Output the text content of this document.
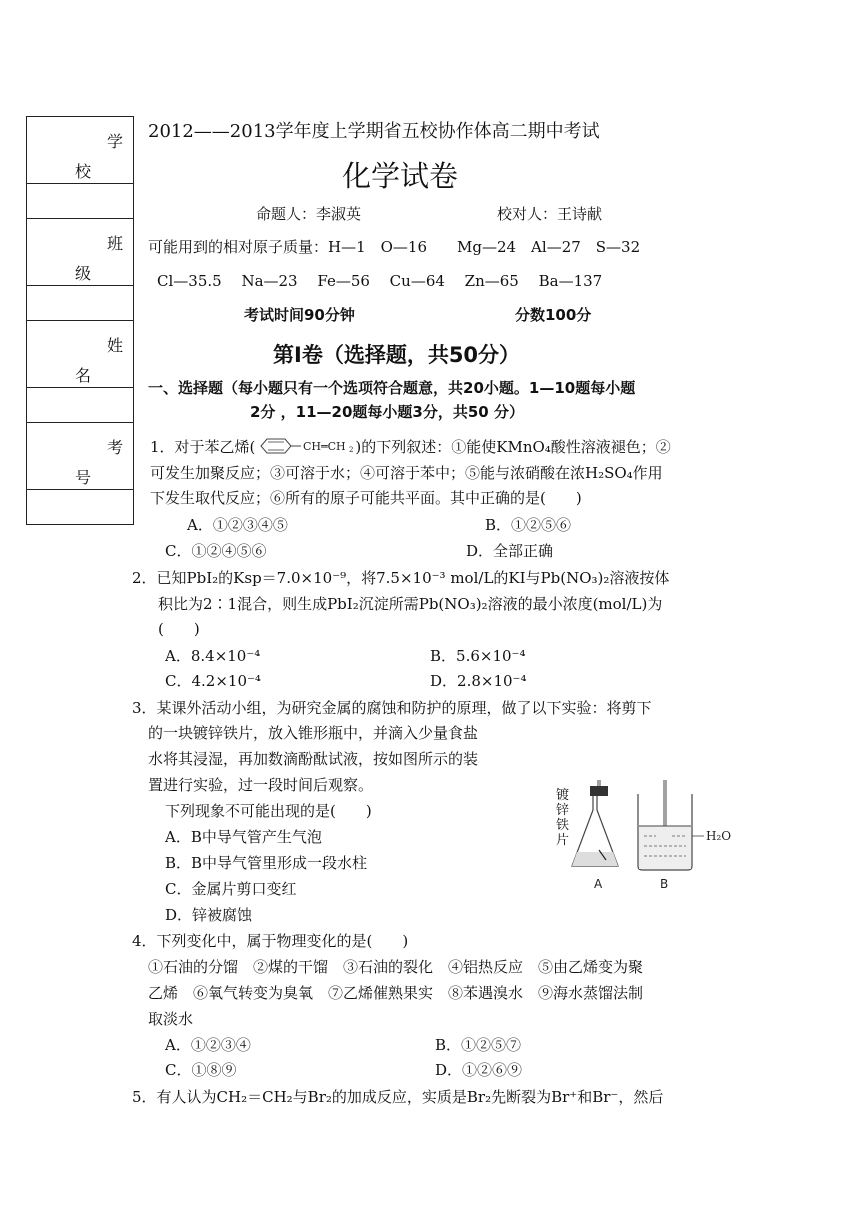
学
校

班
级

姓
名

考
号

2012——2013学年度上学期省五校协作体高二期中考试
化学试卷
命题人：李淑英	校对人：王诗献
可能用到的相对原子质量：H—1　O—16　　Mg—24　Al—27　S—32
Cl—35.5　 Na—23　 Fe—56　 Cu—64　 Zn—65　 Ba—137
考试时间90分钟	分数100分
第Ⅰ卷（选择题，共50分）
一、选择题（每小题只有一个选项符合题意，共20小题。1—10题每小题
2分 ，11—20题每小题3分，共50 分）
1．对于苯乙烯(	CH═CH 2 )的下列叙述：①能使KMnO₄酸性溶液褪色；②
可发生加聚反应；③可溶于水；④可溶于苯中；⑤能与浓硝酸在浓H₂SO₄作用
下发生取代反应；⑥所有的原子可能共平面。其中正确的是(　　)
A．①②③④⑤	B．①②⑤⑥
C．①②④⑤⑥	D．全部正确
2．已知PbI₂的Ksp＝7.0×10⁻⁹，将7.5×10⁻³ mol/L的KI与Pb(NO₃)₂溶液按体
积比为2∶1混合，则生成PbI₂沉淀所需Pb(NO₃)₂溶液的最小浓度(mol/L)为
(　　)
A．8.4×10⁻⁴	B．5.6×10⁻⁴
C．4.2×10⁻⁴	D．2.8×10⁻⁴
3．某课外活动小组，为研究金属的腐蚀和防护的原理，做了以下实验：将剪下
的一块镀锌铁片，放入锥形瓶中，并滴入少量食盐
水将其浸湿，再加数滴酚酞试液，按如图所示的装
置进行实验，过一段时间后观察。
下列现象不可能出现的是(　　)
A．B中导气管产生气泡
B．B中导气管里形成一段水柱
C．金属片剪口变红
D．锌被腐蚀
H₂O
A	B
镀锌铁片
4．下列变化中，属于物理变化的是(　　)
①石油的分馏　②煤的干馏　③石油的裂化　④铝热反应　⑤由乙烯变为聚
乙烯　⑥氧气转变为臭氧　⑦乙烯催熟果实　⑧苯遇溴水　⑨海水蒸馏法制
取淡水
A．①②③④	B．①②⑤⑦
C．①⑧⑨	D．①②⑥⑨
5．有人认为CH₂＝CH₂与Br₂的加成反应，实质是Br₂先断裂为Br⁺和Br⁻，然后
